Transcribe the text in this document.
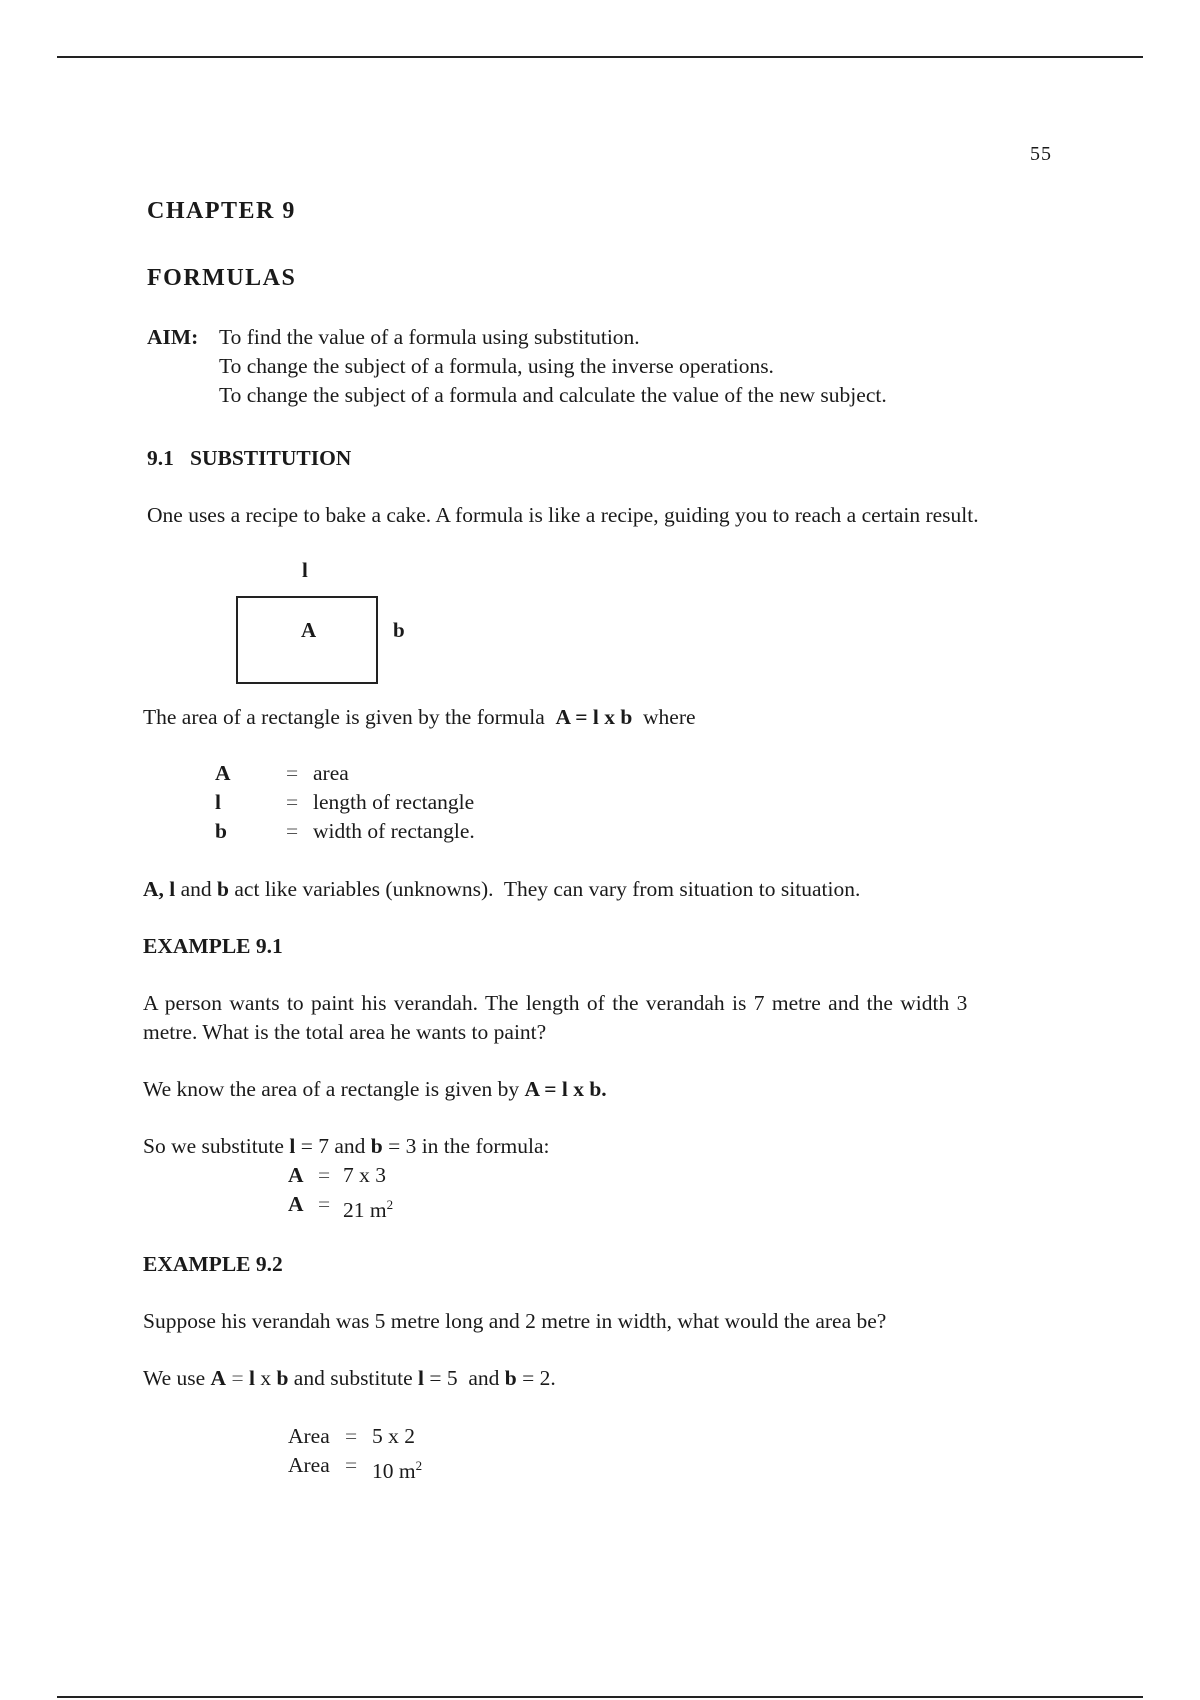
55
CHAPTER 9
FORMULAS
AIM: To find the value of a formula using substitution.
To change the subject of a formula, using the inverse operations.
To change the subject of a formula and calculate the value of the new subject.
9.1   SUBSTITUTION
One uses a recipe to bake a cake. A formula is like a recipe, guiding you to reach a certain result.
l
A	b
The area of a rectangle is given by the formula A = l x b where
A	= area
l	= length of rectangle
b	= width of rectangle.
A, l and b act like variables (unknowns).  They can vary from situation to situation.
EXAMPLE 9.1
A person wants to paint his verandah. The length of the verandah is 7 metre and the width 3
metre. What is the total area he wants to paint?
We know the area of a rectangle is given by A = l x b.
So we substitute l = 7 and b = 3 in the formula:
A = 7 x 3
A = 21 $m^2$
EXAMPLE 9.2
Suppose his verandah was 5 metre long and 2 metre in width, what would the area be?
We use A = l x b and substitute l = 5  and b = 2.
Area = 5 x 2
Area = 10 $m^2$
